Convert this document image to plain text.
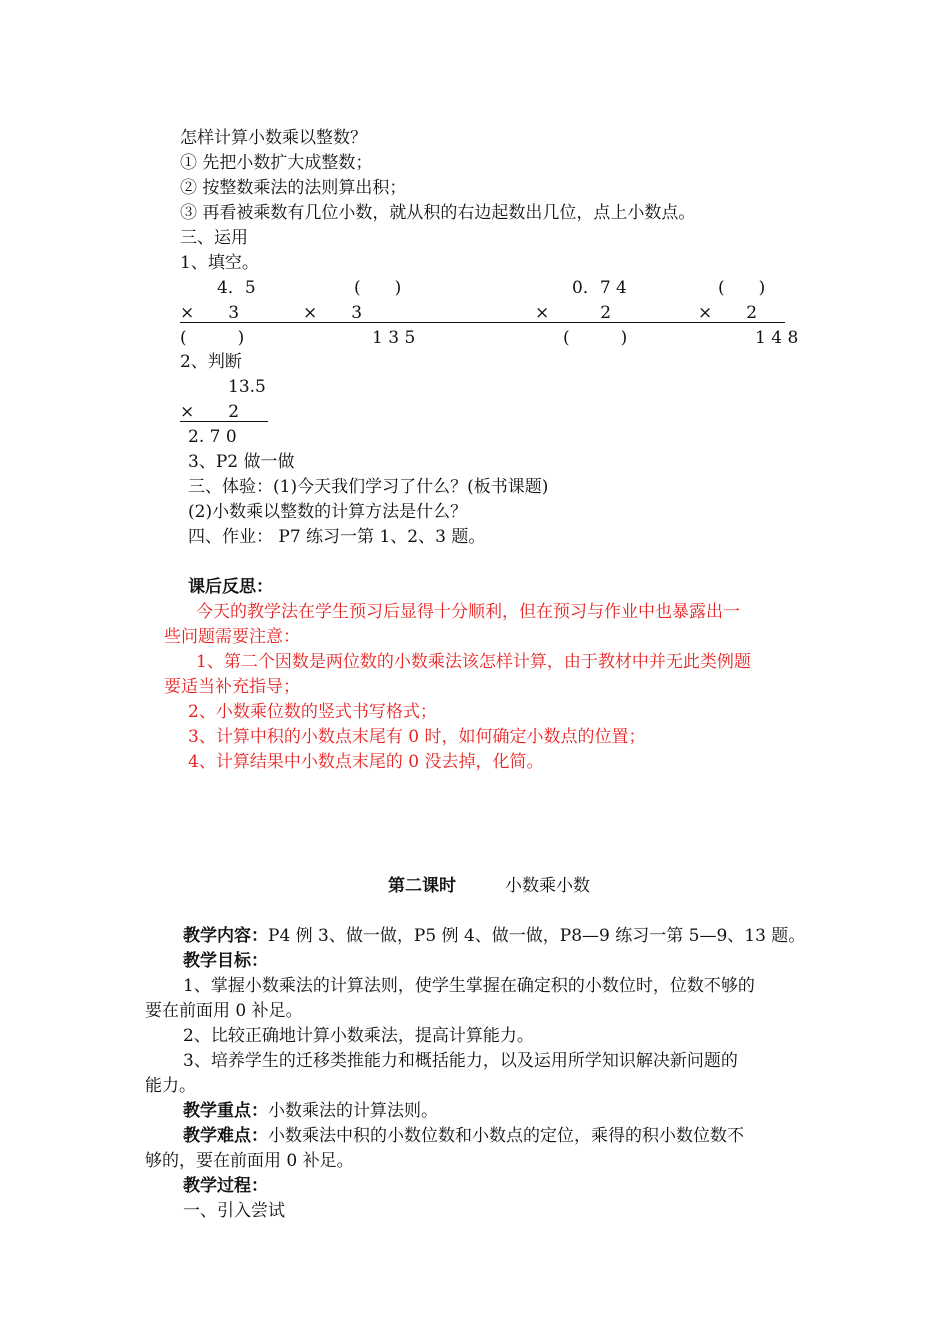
怎样计算小数乘以整数？
① 先把小数扩大成整数；
② 按整数乘法的法则算出积；
③ 再看被乘数有几位小数，就从积的右边起数出几位，点上小数点。
三、运用
1、填空。
4．5	(　　)	0．7 4	(　　)
×　　3	×　　3	×　　　2	×　　2
(　　　)	1 3 5	(　　　)	1 4 8
2、判断
13.5
×　　2
2. 7 0
3、P2 做一做
三、体验：(1)今天我们学习了什么？(板书课题)
(2)小数乘以整数的计算方法是什么？
四、作业： P7 练习一第 1、2、3 题。
课后反思：
今天的教学法在学生预习后显得十分顺利，但在预习与作业中也暴露出一
些问题需要注意：
1、第二个因数是两位数的小数乘法该怎样计算，由于教材中并无此类例题
要适当补充指导；
2、小数乘位数的竖式书写格式；
3、计算中积的小数点末尾有 0 时，如何确定小数点的位置；
4、计算结果中小数点末尾的 0 没去掉，化简。
第二课时	小数乘小数
教学内容：P4 例 3、做一做，P5 例 4、做一做，P8—9 练习一第 5—9、13 题。
教学目标：
1、掌握小数乘法的计算法则，使学生掌握在确定积的小数位时，位数不够的
要在前面用 0 补足。
2、比较正确地计算小数乘法，提高计算能力。
3、培养学生的迁移类推能力和概括能力，以及运用所学知识解决新问题的
能力。
教学重点：小数乘法的计算法则。
教学难点：小数乘法中积的小数位数和小数点的定位，乘得的积小数位数不
够的，要在前面用 0 补足。
教学过程：
一、引入尝试
